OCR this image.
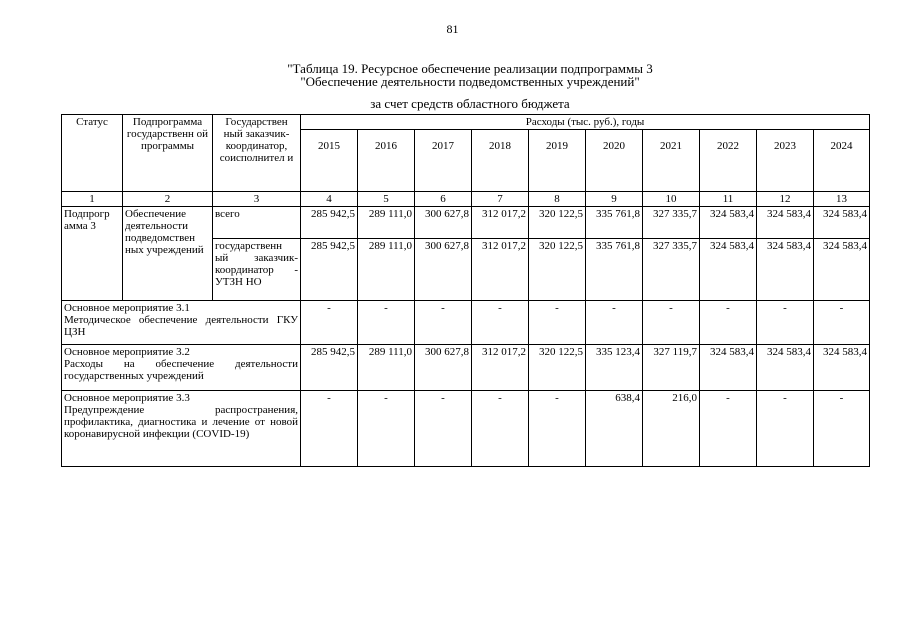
81
"Таблица 19. Ресурсное обеспечение реализации подпрограммы 3
"Обеспечение деятельности подведомственных учреждений"
за счет средств областного бюджета
Статус	Подпрограмма государственн ой программы	Государствен ный заказчик-координатор, соисполнител и	Расходы (тыс. руб.), годы									
			2015	2016	2017	2018	2019	2020	2021	2022	2023	2024
1	2	3	4	5	6	7	8	9	10	11	12	13
Подпрогр амма 3	Обеспечение деятельности подведомствен ных учреждений	всего	285 942,5	289 111,0	300 627,8	312 017,2	320 122,5	335 761,8	327 335,7	324 583,4	324 583,4	324 583,4
		государственн ый заказчик-координатор - УТЗН НО	285 942,5	289 111,0	300 627,8	312 017,2	320 122,5	335 761,8	327 335,7	324 583,4	324 583,4	324 583,4

Основное мероприятие 3.1
Методическое обеспечение деятельности ГКУ ЦЗН			-	-	-	-	-	-	-	-	-	-

Основное мероприятие 3.2
Расходы на обеспечение деятельности государственных учреждений			285 942,5	289 111,0	300 627,8	312 017,2	320 122,5	335 123,4	327 119,7	324 583,4	324 583,4	324 583,4

Основное мероприятие 3.3
Предупреждение распространения, профилактика, диагностика и лечение от новой коронавирусной инфекции (COVID-19)			-	-	-	-	-	638,4	216,0	-	-	-
